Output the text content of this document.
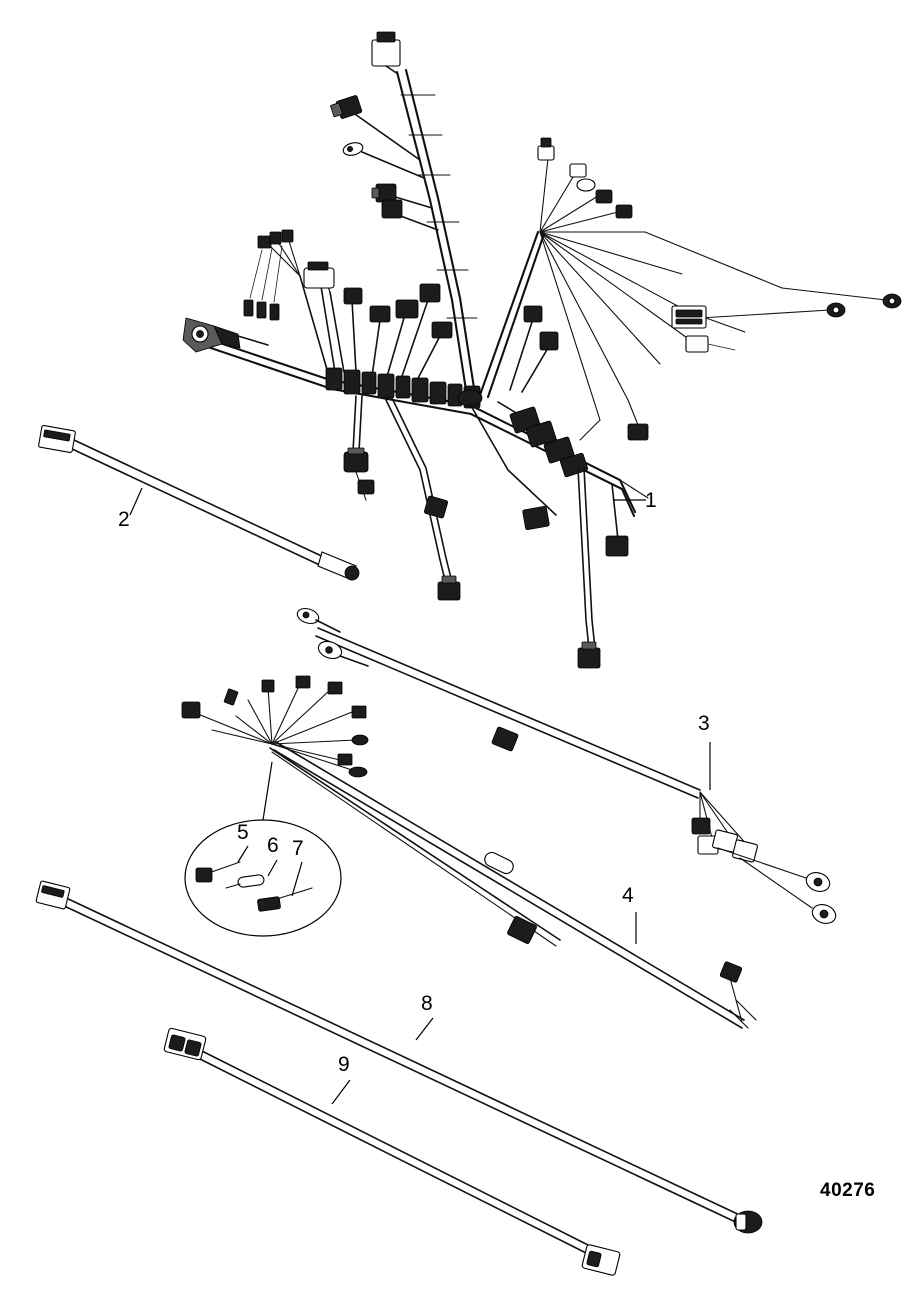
1
2
3
4
5
6 7
8
9
40276
